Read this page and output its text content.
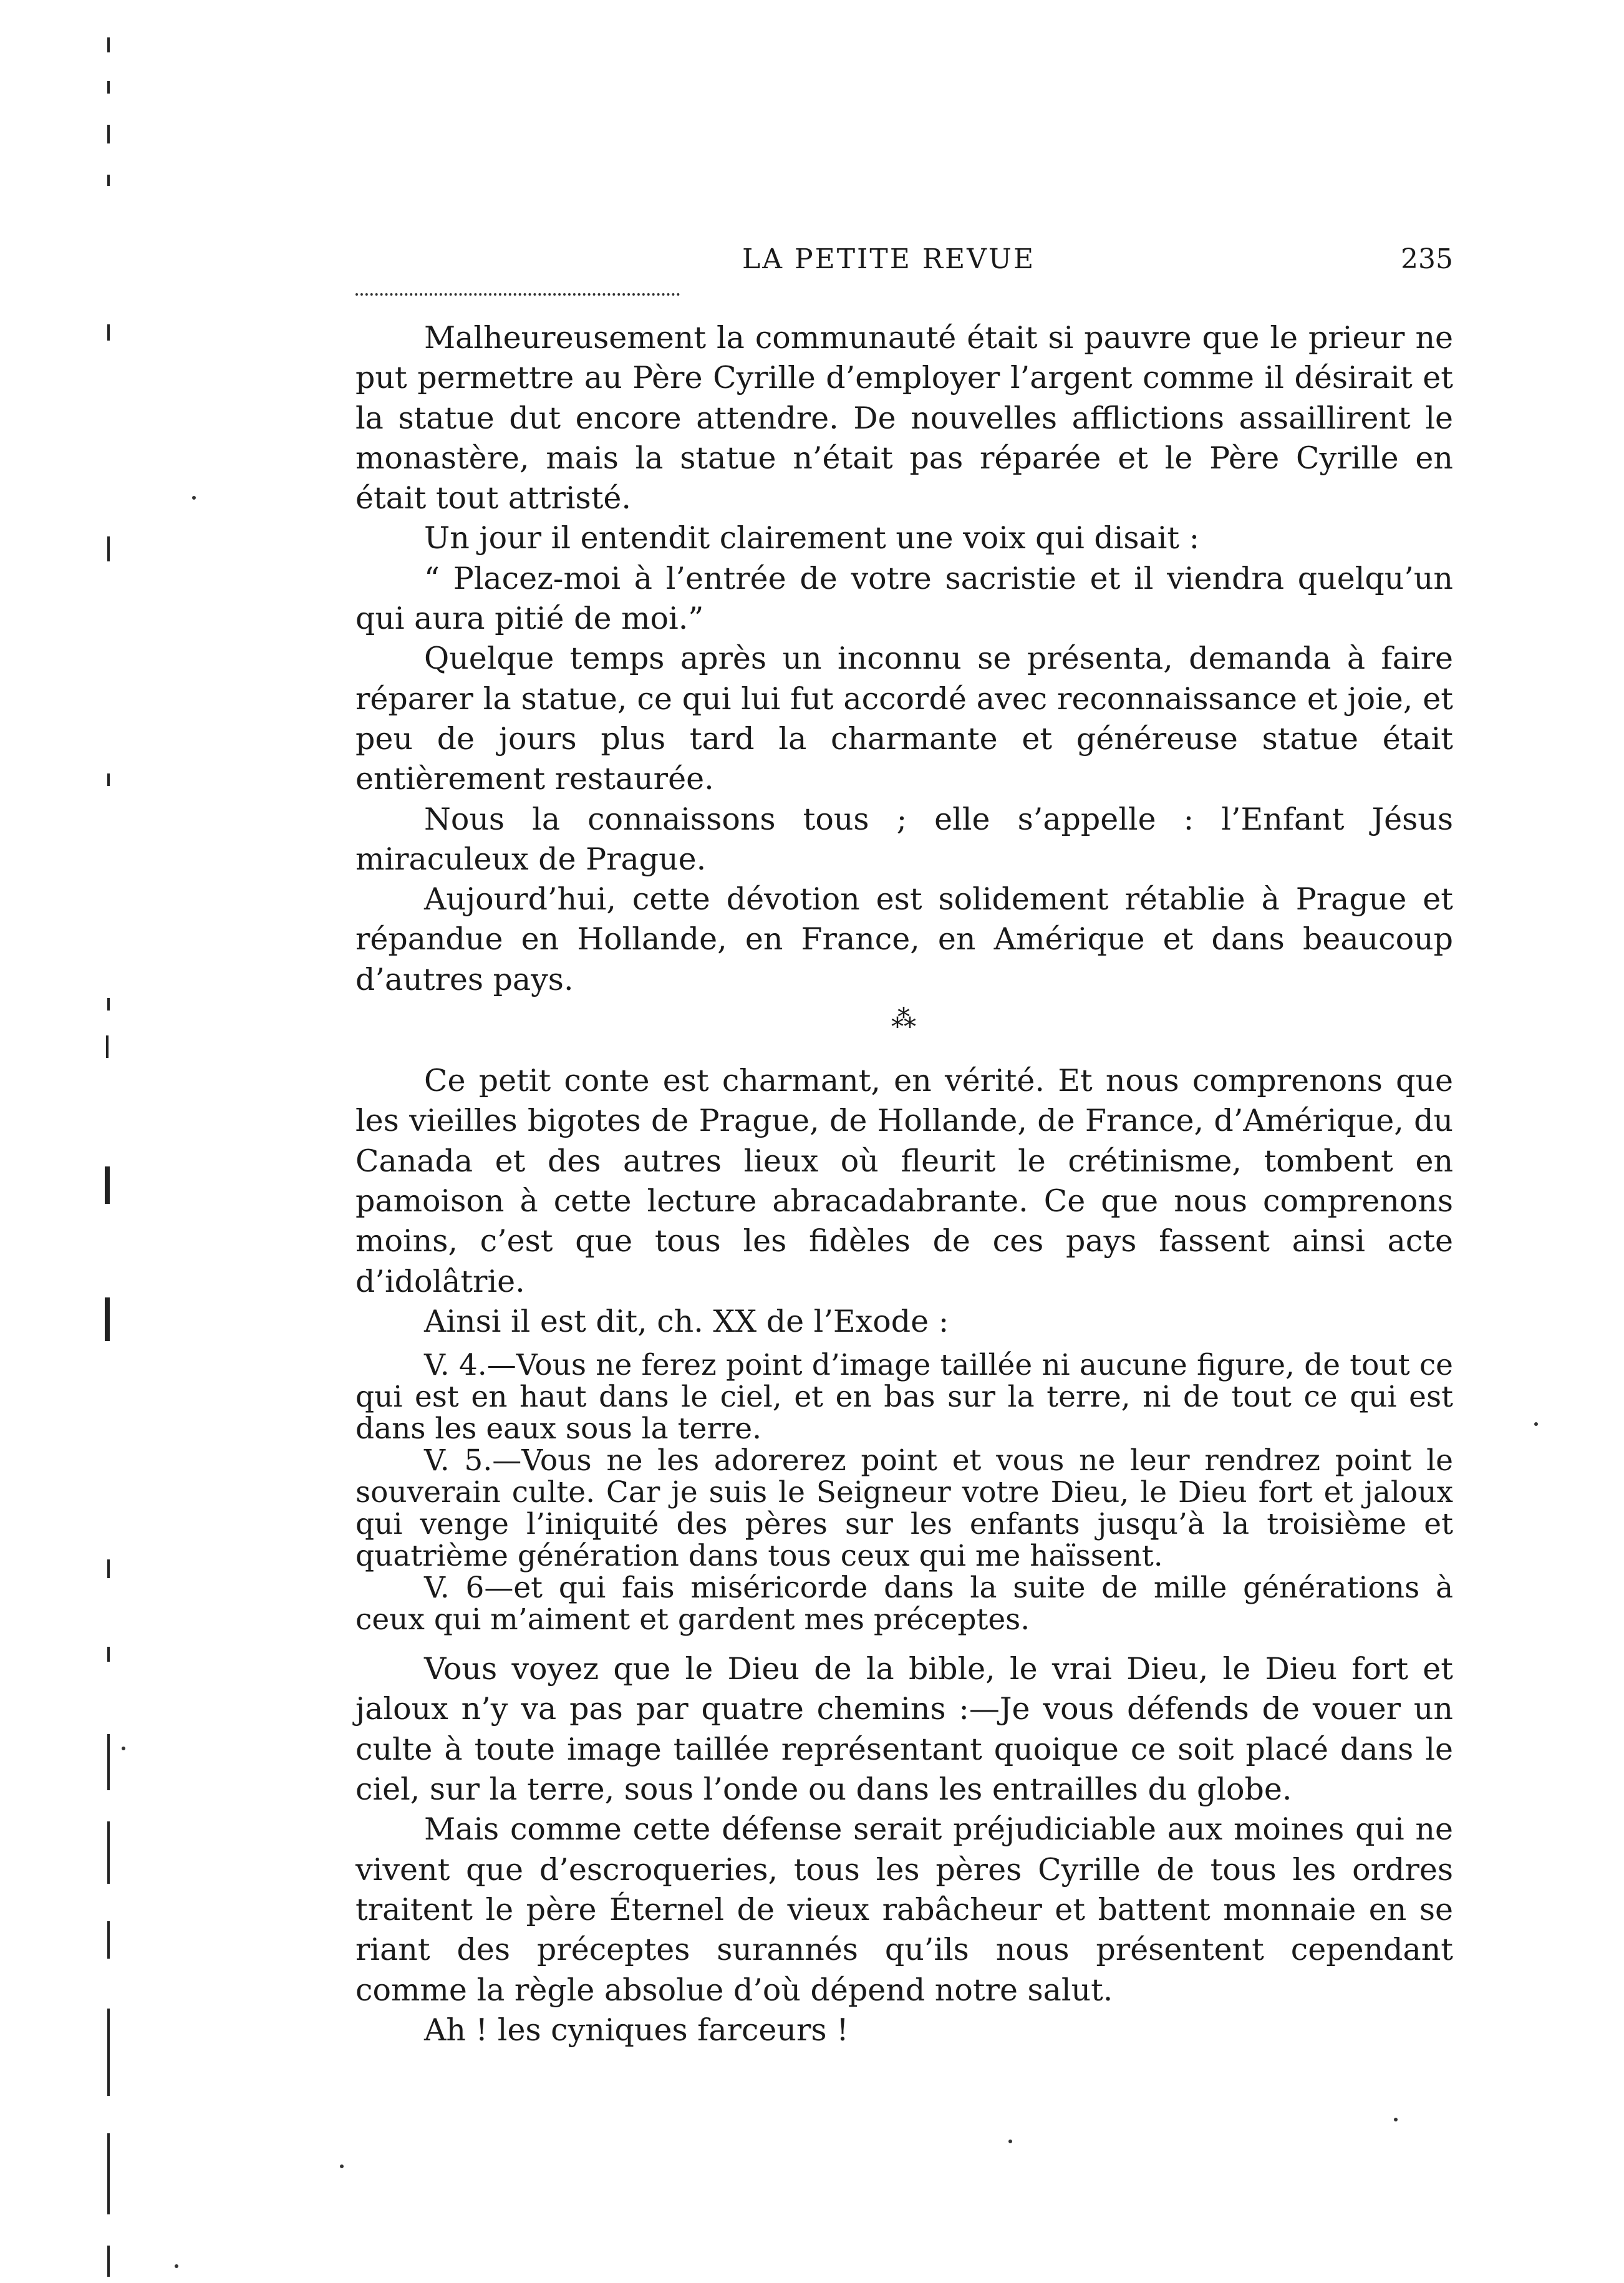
LA PETITE REVUE	235

Malheureusement la communauté était si pauvre que le prieur ne put permettre au Père Cyrille d’employer l’argent comme il désirait et la statue dut encore attendre. De nouvelles afflictions assaillirent le monastère, mais la statue n’était pas réparée et le Père Cyrille en était tout attristé.

Un jour il entendit clairement une voix qui disait :

“ Placez-moi à l’entrée de votre sacristie et il viendra quelqu’un qui aura pitié de moi.”

Quelque temps après un inconnu se présenta, demanda à faire réparer la statue, ce qui lui fut accordé avec reconnaissance et joie, et peu de jours plus tard la charmante et généreuse statue était entièrement restaurée.

Nous la connaissons tous ; elle s’appelle : l’Enfant Jésus miraculeux de Prague.

Aujourd’hui, cette dévotion est solidement rétablie à Prague et répandue en Hollande, en France, en Amérique et dans beaucoup d’autres pays.

⁂

Ce petit conte est charmant, en vérité. Et nous comprenons que les vieilles bigotes de Prague, de Hollande, de France, d’Amérique, du Canada et des autres lieux où fleurit le crétinisme, tombent en pamoison à cette lecture abracadabrante. Ce que nous comprenons moins, c’est que tous les fidèles de ces pays fassent ainsi acte d’idolâtrie.

Ainsi il est dit, ch. XX de l’Exode :

V. 4.—Vous ne ferez point d’image taillée ni aucune figure, de tout ce qui est en haut dans le ciel, et en bas sur la terre, ni de tout ce qui est dans les eaux sous la terre.

V. 5.—Vous ne les adorerez point et vous ne leur rendrez point le souverain culte. Car je suis le Seigneur votre Dieu, le Dieu fort et jaloux qui venge l’iniquité des pères sur les enfants jusqu’à la troisième et quatrième génération dans tous ceux qui me haïssent.

V. 6—et qui fais miséricorde dans la suite de mille générations à ceux qui m’aiment et gardent mes préceptes.

Vous voyez que le Dieu de la bible, le vrai Dieu, le Dieu fort et jaloux n’y va pas par quatre chemins :—Je vous défends de vouer un culte à toute image taillée représentant quoique ce soit placé dans le ciel, sur la terre, sous l’onde ou dans les entrailles du globe.

Mais comme cette défense serait préjudiciable aux moines qui ne vivent que d’escroqueries, tous les pères Cyrille de tous les ordres traitent le père Éternel de vieux rabâcheur et battent monnaie en se riant des préceptes surannés qu’ils nous présentent cependant comme la règle absolue d’où dépend notre salut.

Ah ! les cyniques farceurs !
